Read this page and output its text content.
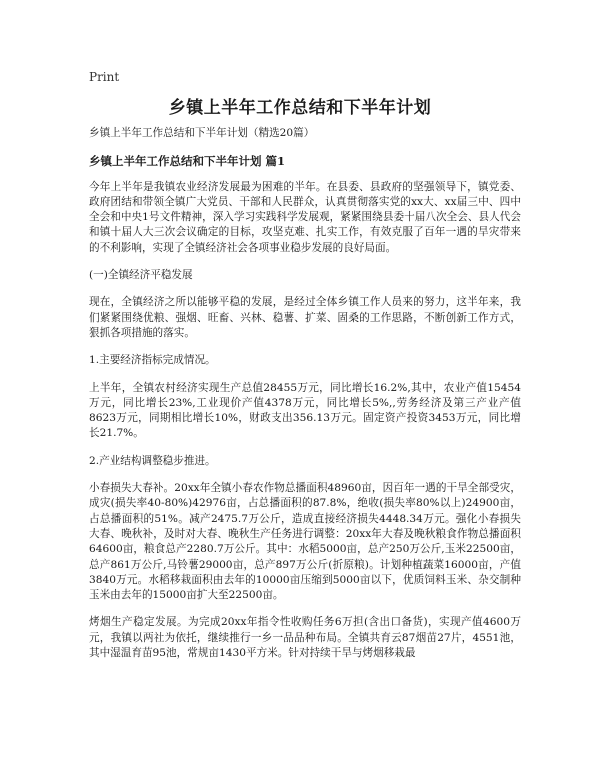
Print
乡镇上半年工作总结和下半年计划

乡镇上半年工作总结和下半年计划（精选20篇）

乡镇上半年工作总结和下半年计划 篇1

今年上半年是我镇农业经济发展最为困难的半年。在县委、县政府的坚强领导下，镇党委、政府团结和带领全镇广大党员、干部和人民群众，认真贯彻落实党的xx大、xx届三中、四中全会和中央1号文件精神，深入学习实践科学发展观，紧紧围绕县委十届八次全会、县人代会和镇十届人大三次会议确定的目标，攻坚克难、扎实工作，有效克服了百年一遇的旱灾带来的不利影响，实现了全镇经济社会各项事业稳步发展的良好局面。

(一)全镇经济平稳发展

现在，全镇经济之所以能够平稳的发展，是经过全体乡镇工作人员来的努力，这半年来，我们紧紧围绕优粮、强烟、旺畜、兴林、稳薯、扩菜、固桑的工作思路，不断创新工作方式，狠抓各项措施的落实。

1.主要经济指标完成情况。

上半年，全镇农村经济实现生产总值28455万元，同比增长16.2%,其中，农业产值15454万元，同比增长23%,工业现价产值4378万元，同比增长5%,,劳务经济及第三产业产值8623万元，同期相比增长10%，财政支出356.13万元。固定资产投资3453万元，同比增长21.7%。

2.产业结构调整稳步推进。

小春损失大春补。20xx年全镇小春农作物总播面积48960亩，因百年一遇的干旱全部受灾，成灾(损失率40-80%)42976亩，占总播面积的87.8%，绝收(损失率80%以上)24900亩，占总播面积的51%。减产2475.7万公斤，造成直接经济损失4448.34万元。强化小春损失大春、晚秋补，及时对大春、晚秋生产任务进行调整：20xx年大春及晚秋粮食作物总播面积64600亩，粮食总产2280.7万公斤。其中：水稻5000亩，总产250万公斤,玉米22500亩，总产861万公斤,马铃薯29000亩，总产897万公斤(折原粮)。计划种植蔬菜16000亩，产值3840万元。水稻移栽面积由去年的10000亩压缩到5000亩以下，优质饲料玉米、杂交制种玉米由去年的15000亩扩大至22500亩。

烤烟生产稳定发展。为完成20xx年指令性收购任务6万担(含出口备货)，实现产值4600万元，我镇以两社为依托，继续推行一乡一品品种布局。全镇共育云87烟苗27片，4551池，其中湿温育苗95池，常规亩1430平方米。针对持续干旱与烤烟移栽最
